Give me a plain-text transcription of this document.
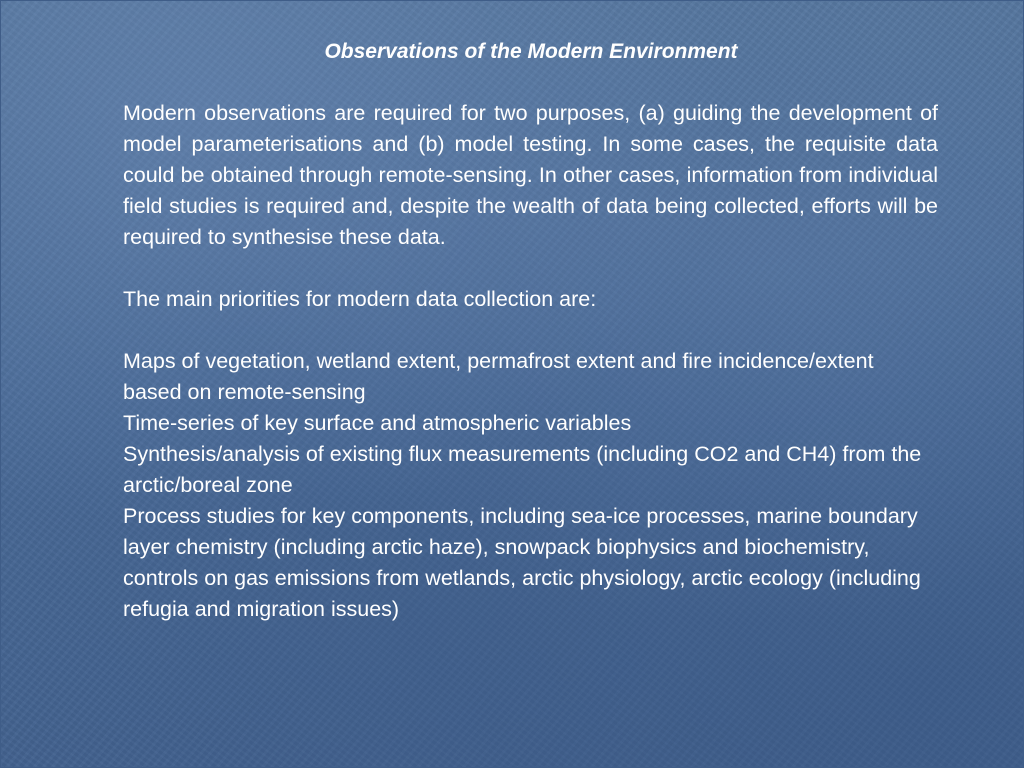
Observations of the Modern Environment

Modern observations are required for two purposes, (a) guiding the development of model parameterisations and (b) model testing. In some cases, the requisite data could be obtained through remote-sensing. In other cases, information from individual field studies is required and, despite the wealth of data being collected, efforts will be required to synthesise these data.

The main priorities for modern data collection are:

Maps of vegetation, wetland extent, permafrost extent and fire incidence/extent based on remote-sensing

Time-series of key surface and atmospheric variables

Synthesis/analysis of existing flux measurements (including CO2 and CH4) from the arctic/boreal zone

Process studies for key components, including sea-ice processes, marine boundary layer chemistry (including arctic haze), snowpack biophysics and biochemistry, controls on gas emissions from wetlands, arctic physiology, arctic ecology (including refugia and migration issues)
